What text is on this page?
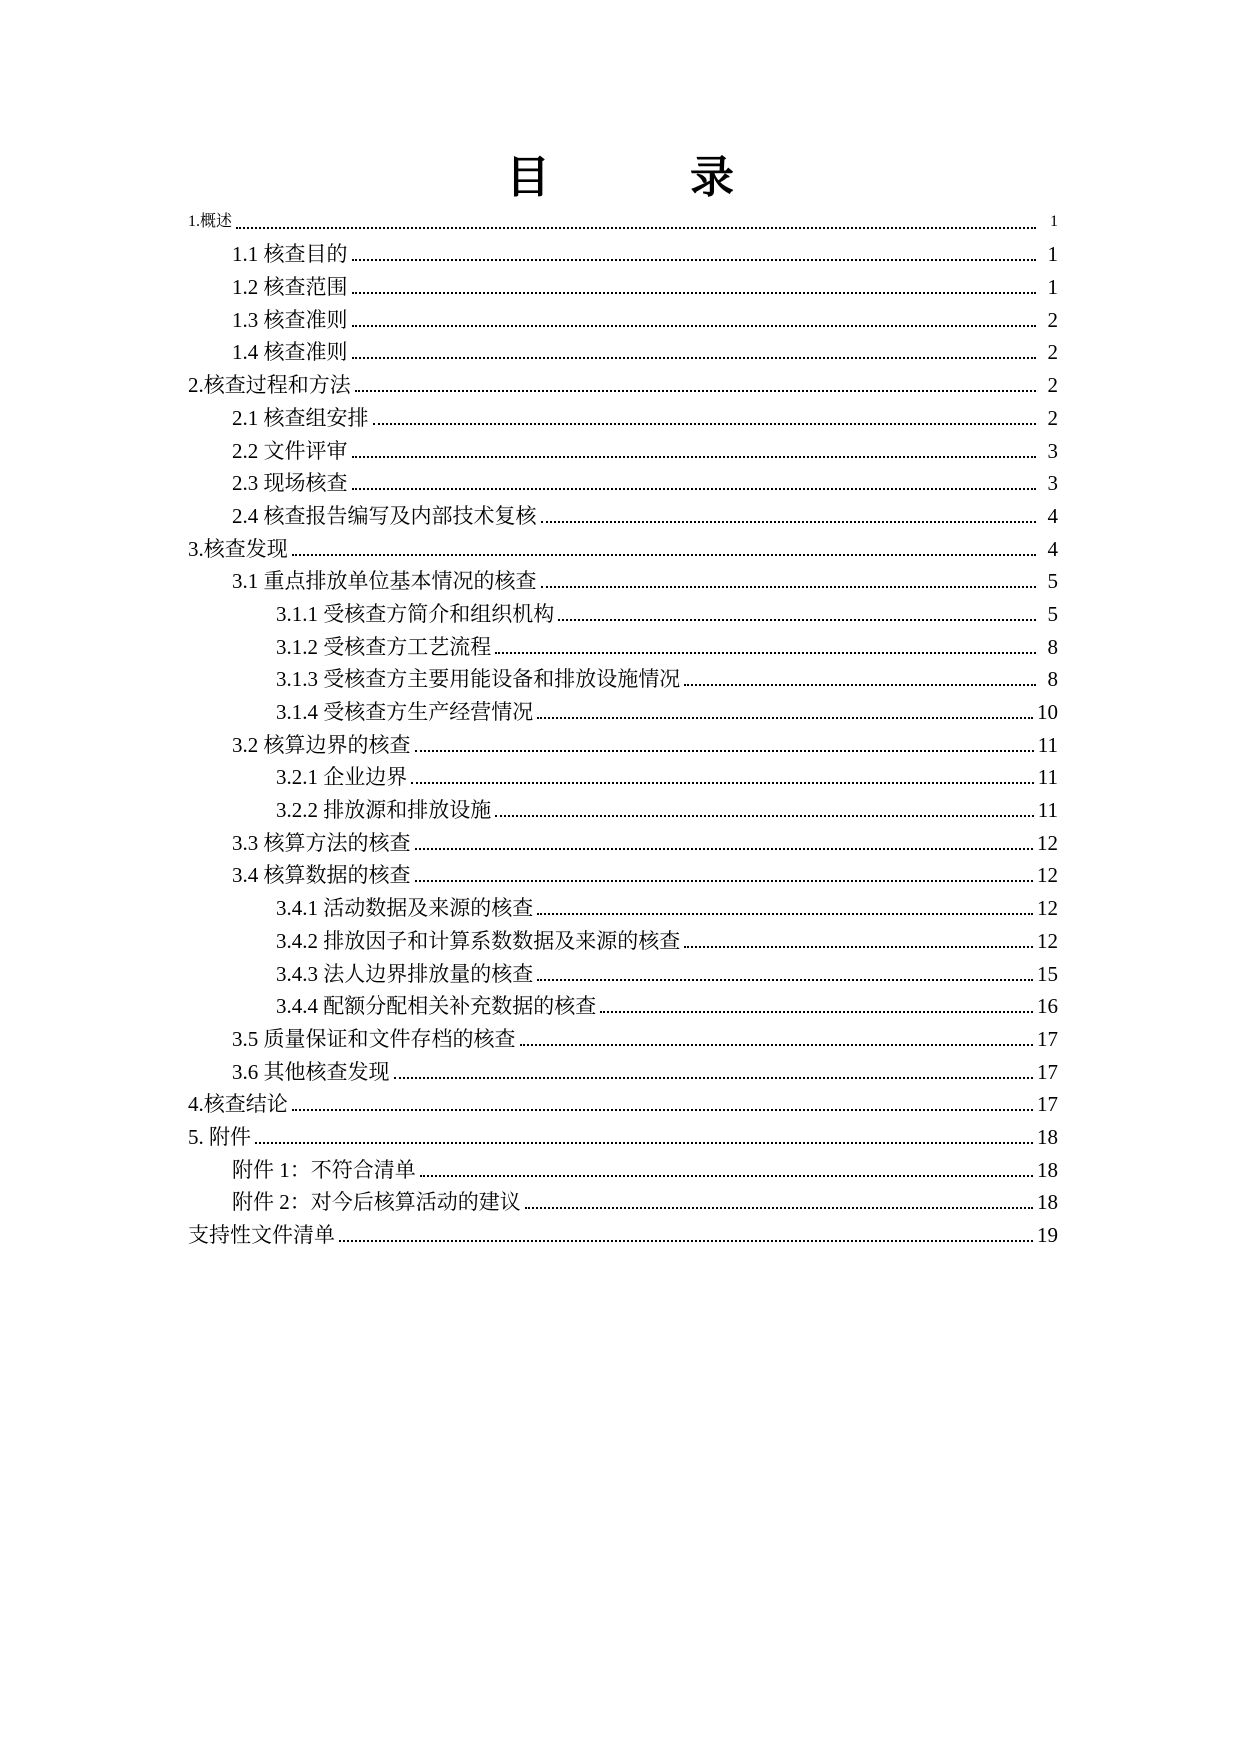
目　录
1.概述	1
1.1 核查目的	1
1.2 核查范围	1
1.3 核查准则	2
1.4 核查准则	2
2.核查过程和方法	2
2.1 核查组安排	2
2.2 文件评审	3
2.3 现场核查	3
2.4 核查报告编写及内部技术复核	4
3.核查发现	4
3.1 重点排放单位基本情况的核查	5
3.1.1 受核查方简介和组织机构	5
3.1.2 受核查方工艺流程	8
3.1.3 受核查方主要用能设备和排放设施情况	8
3.1.4 受核查方生产经营情况	10
3.2 核算边界的核查	11
3.2.1 企业边界	11
3.2.2 排放源和排放设施	11
3.3 核算方法的核查	12
3.4 核算数据的核查	12
3.4.1 活动数据及来源的核查	12
3.4.2 排放因子和计算系数数据及来源的核查	12
3.4.3 法人边界排放量的核查	15
3.4.4 配额分配相关补充数据的核查	16
3.5 质量保证和文件存档的核查	17
3.6 其他核查发现	17
4.核查结论	17
5. 附件	18
附件 1：不符合清单	18
附件 2：对今后核算活动的建议	18
支持性文件清单	19
